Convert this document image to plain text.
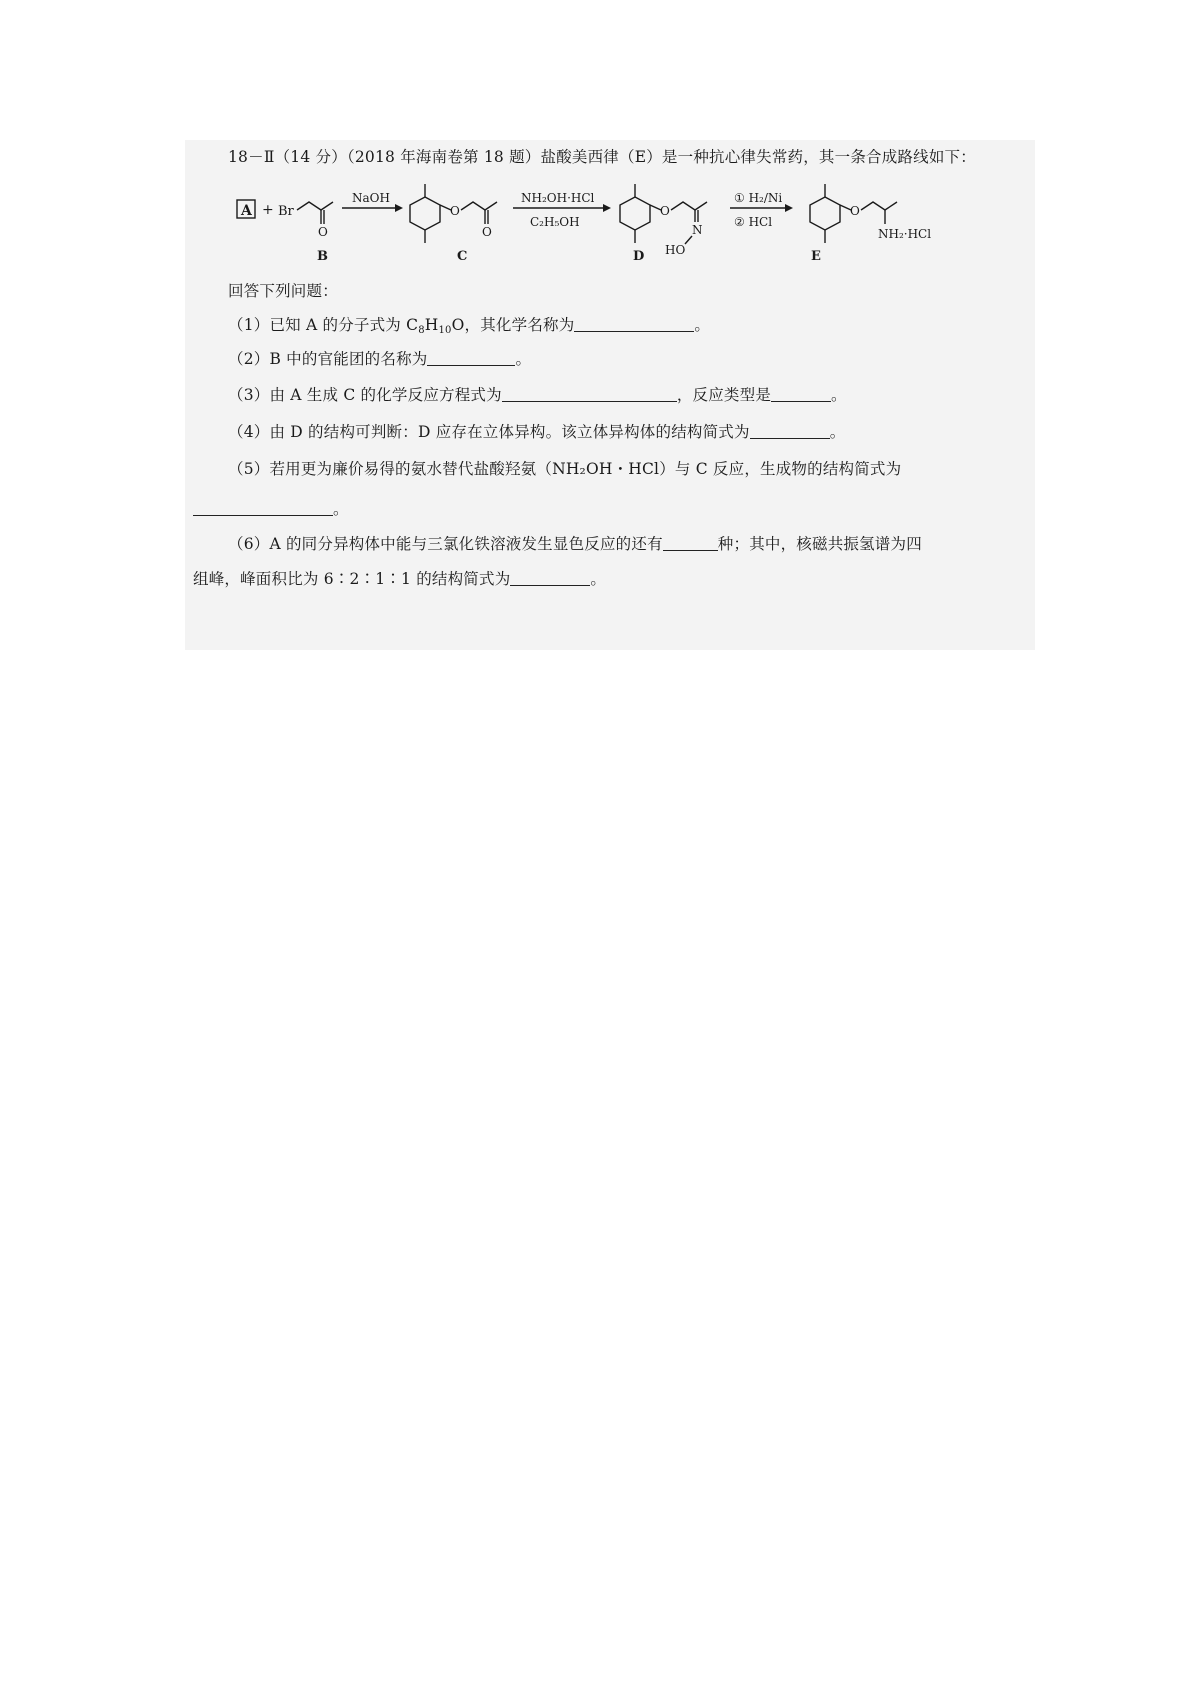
18－Ⅱ（14 分）（2018 年海南卷第 18 题）盐酸美西律（E）是一种抗心律失常药，其一条合成路线如下：
A + Br
O
B
NaOH
O
O
C
NH₂OH·HCl
C₂H₅OH
O
N
HO
D
① H₂/Ni
② HCl
O
NH₂·HCl
E
回答下列问题：
（1）已知 A 的分子式为 $C_8H_{10}O$，其化学名称为	。
（2）B 中的官能团的名称为	。
（3）由 A 生成 C 的化学反应方程式为	，反应类型是	。
（4）由 D 的结构可判断：D 应存在立体异构。该立体异构体的结构简式为	。
（5）若用更为廉价易得的氨水替代盐酸羟氨（NH₂OH・HCl）与 C 反应，生成物的结构简式为
。
（6）A 的同分异构体中能与三氯化铁溶液发生显色反应的还有	种；其中，核磁共振氢谱为四
组峰，峰面积比为 6∶2∶1∶1 的结构简式为	。
